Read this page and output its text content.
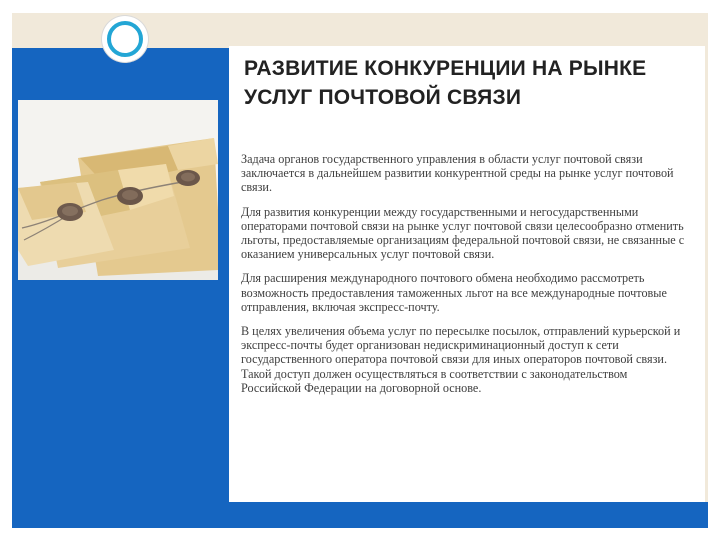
РАЗВИТИЕ КОНКУРЕНЦИИ НА РЫНКЕ УСЛУГ ПОЧТОВОЙ СВЯЗИ

Задача органов государственного управления в области услуг почтовой связи заключается в дальнейшем развитии конкурентной среды на рынке услуг почтовой связи.

Для развития конкуренции между государственными и негосударственными операторами почтовой связи на рынке услуг почтовой связи целесообразно отменить льготы, предоставляемые организациям федеральной почтовой связи, не связанные с оказанием универсальных услуг почтовой связи.

Для расширения международного почтового обмена необходимо рассмотреть возможность предоставления таможенных льгот на все международные почтовые отправления, включая экспресс-почту.

В целях увеличения объема услуг по пересылке посылок, отправлений курьерской и экспресс-почты будет организован недискриминационный доступ к сети государственного оператора почтовой связи для иных операторов почтовой связи. Такой доступ должен осуществляться в соответствии с законодательством Российской Федерации на договорной основе.
